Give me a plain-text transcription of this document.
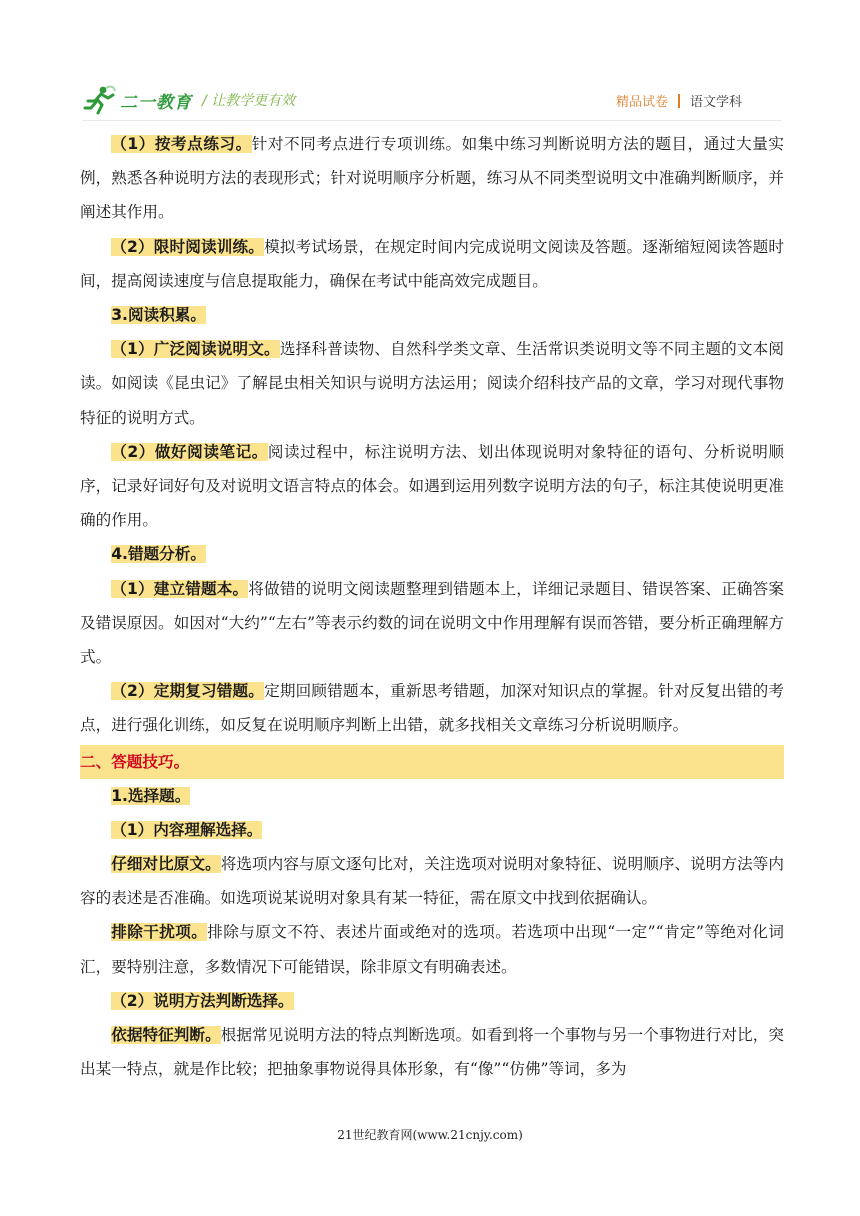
二一教育 / 让教学更有效	精品试卷 语文学科

（1）按考点练习。针对不同考点进行专项训练。如集中练习判断说明方法的题目，通过大量实例，熟悉各种说明方法的表现形式；针对说明顺序分析题，练习从不同类型说明文中准确判断顺序，并阐述其作用。

（2）限时阅读训练。模拟考试场景，在规定时间内完成说明文阅读及答题。逐渐缩短阅读答题时间，提高阅读速度与信息提取能力，确保在考试中能高效完成题目。

3.阅读积累。

（1）广泛阅读说明文。选择科普读物、自然科学类文章、生活常识类说明文等不同主题的文本阅读。如阅读《昆虫记》了解昆虫相关知识与说明方法运用；阅读介绍科技产品的文章，学习对现代事物特征的说明方式。

（2）做好阅读笔记。阅读过程中，标注说明方法、划出体现说明对象特征的语句、分析说明顺序，记录好词好句及对说明文语言特点的体会。如遇到运用列数字说明方法的句子，标注其使说明更准确的作用。

4.错题分析。

（1）建立错题本。将做错的说明文阅读题整理到错题本上，详细记录题目、错误答案、正确答案及错误原因。如因对“大约”“左右”等表示约数的词在说明文中作用理解有误而答错，要分析正确理解方式。

（2）定期复习错题。定期回顾错题本，重新思考错题，加深对知识点的掌握。针对反复出错的考点，进行强化训练，如反复在说明顺序判断上出错，就多找相关文章练习分析说明顺序。

二、答题技巧。

1.选择题。

（1）内容理解选择。

仔细对比原文。将选项内容与原文逐句比对，关注选项对说明对象特征、说明顺序、说明方法等内容的表述是否准确。如选项说某说明对象具有某一特征，需在原文中找到依据确认。

排除干扰项。排除与原文不符、表述片面或绝对的选项。若选项中出现“一定”“肯定”等绝对化词汇，要特别注意，多数情况下可能错误，除非原文有明确表述。

（2）说明方法判断选择。

依据特征判断。根据常见说明方法的特点判断选项。如看到将一个事物与另一个事物进行对比，突出某一特点，就是作比较；把抽象事物说得具体形象，有“像”“仿佛”等词，多为

21世纪教育网(www.21cnjy.com)
